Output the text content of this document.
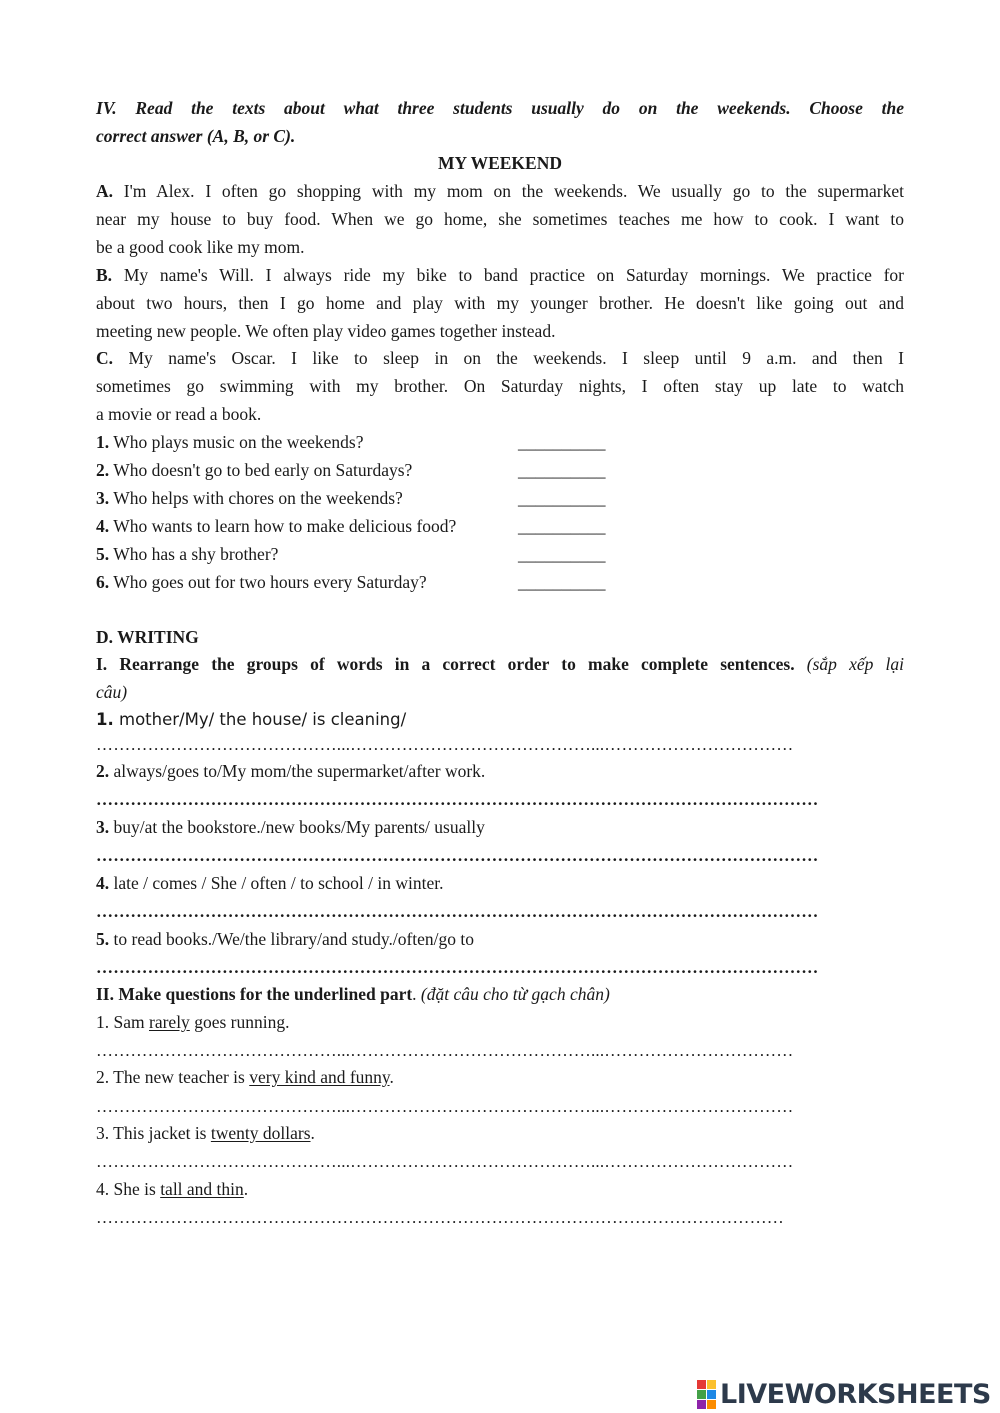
IV. Read the texts about what three students usually do on the weekends. Choose the
correct answer (A, B, or C).
MY WEEKEND
A. I'm Alex. I often go shopping with my mom on the weekends. We usually go to the supermarket
near my house to buy food. When we go home, she sometimes teaches me how to cook. I want to
be a good cook like my mom.
B. My name's Will. I always ride my bike to band practice on Saturday mornings. We practice for
about two hours, then I go home and play with my younger brother. He doesn't like going out and
meeting new people. We often play video games together instead.
C. My name's Oscar. I like to sleep in on the weekends. I sleep until 9 a.m. and then I
sometimes go swimming with my brother. On Saturday nights, I often stay up late to watch
a movie or read a book.
1. Who plays music on the weekends?	__________
2. Who doesn't go to bed early on Saturdays?	__________
3. Who helps with chores on the weekends?	__________
4. Who wants to learn how to make delicious food?	__________
5. Who has a shy brother?	__________
6. Who goes out for two hours every Saturday?	__________
D. WRITING
I. Rearrange the groups of words in a correct order to make complete sentences. (sắp xếp lại
câu)
1. mother/My/ the house/ is cleaning/
……………………………………...……………………………………...……………………………
2. always/goes to/My mom/the supermarket/after work.
………………………………………………………………………………………………………………
3. buy/at the bookstore./new books/My parents/ usually
………………………………………………………………………………………………………………
4. late / comes / She / often / to school / in winter.
………………………………………………………………………………………………………………
5. to read books./We/the library/and study./often/go to
………………………………………………………………………………………………………………
II. Make questions for the underlined part. (đặt câu cho từ gạch chân)
1. Sam rarely goes running.
……………………………………...……………………………………...……………………………
2. The new teacher is very kind and funny.
……………………………………...……………………………………...……………………………
3. This jacket is twenty dollars.
……………………………………...……………………………………...……………………………
4. She is tall and thin.
…………………………………………………………………………………………………………
LIVEWORKSHEETS
